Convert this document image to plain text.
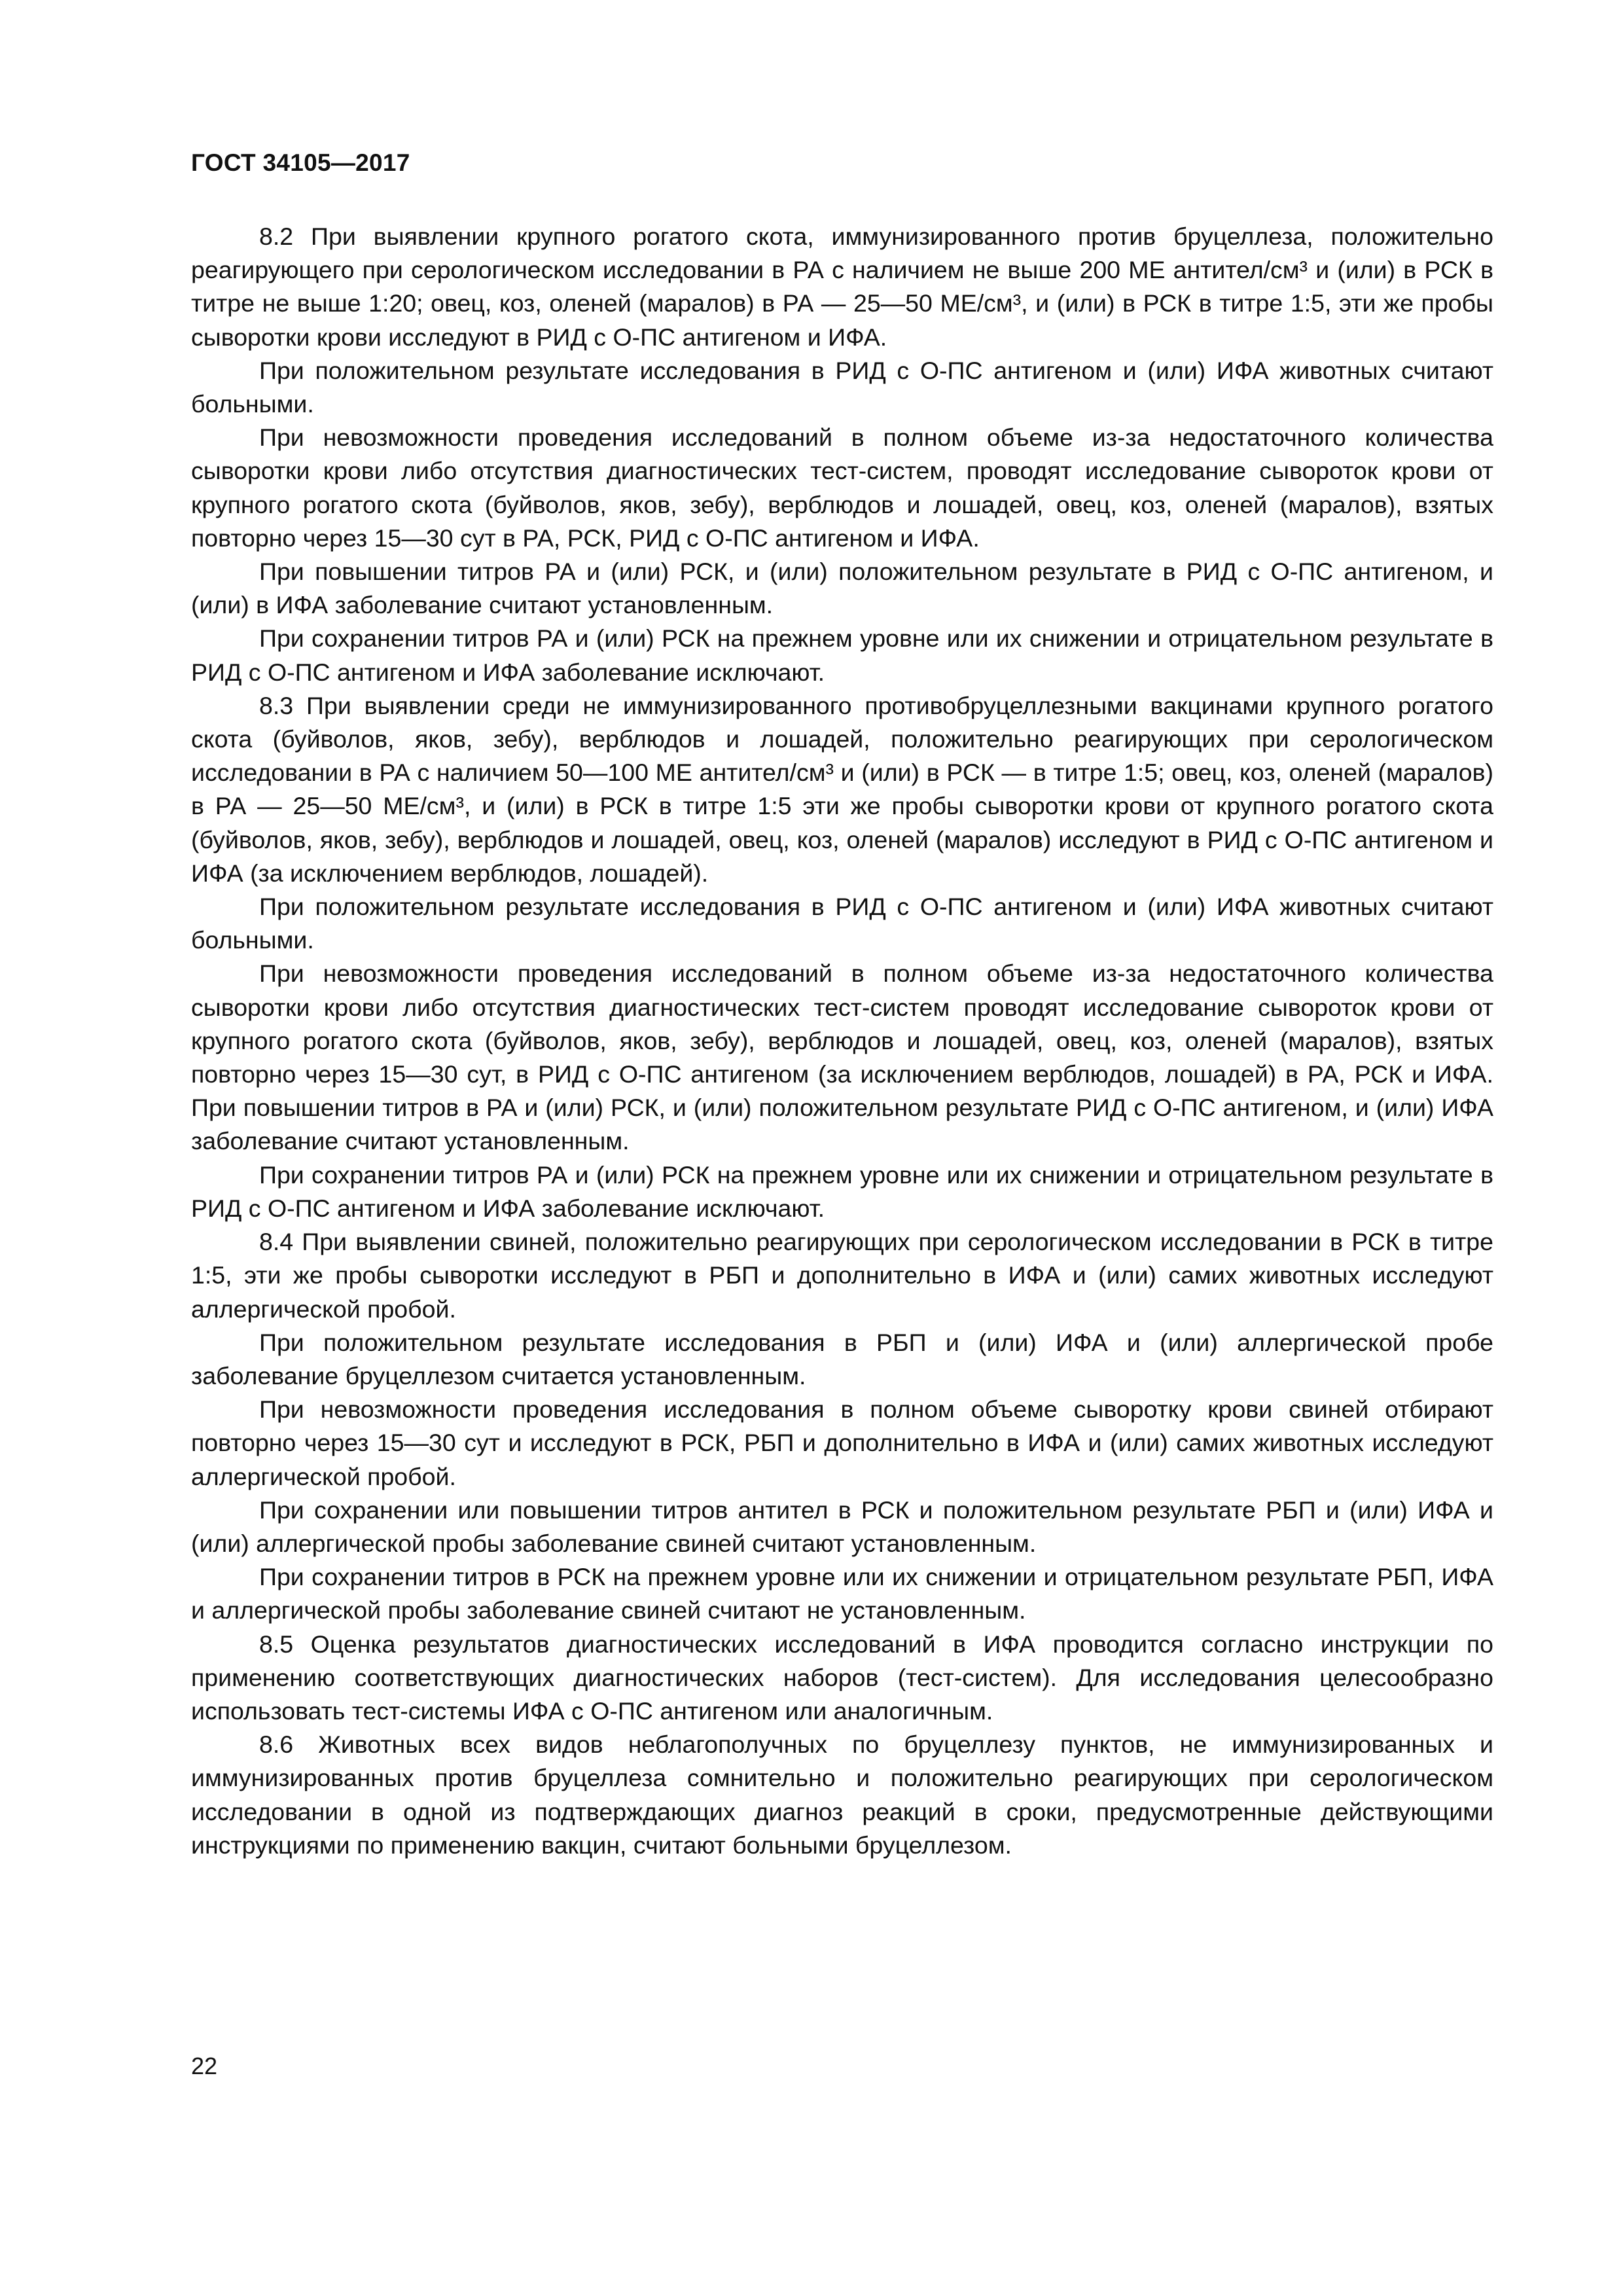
ГОСТ 34105—2017

8.2 При выявлении крупного рогатого скота, иммунизированного против бруцеллеза, положительно реагирующего при серологическом исследовании в РА с наличием не выше 200 МЕ антител/см³ и (или) в РСК в титре не выше 1:20; овец, коз, оленей (маралов) в РА — 25—50 МЕ/см³, и (или) в РСК в титре 1:5, эти же пробы сыворотки крови исследуют в РИД с О-ПС антигеном и ИФА.

При положительном результате исследования в РИД с О-ПС антигеном и (или) ИФА животных считают больными.

При невозможности проведения исследований в полном объеме из-за недостаточного количества сыворотки крови либо отсутствия диагностических тест-систем, проводят исследование сывороток крови от крупного рогатого скота (буйволов, яков, зебу), верблюдов и лошадей, овец, коз, оленей (маралов), взятых повторно через 15—30 сут в РА, РСК, РИД с О-ПС антигеном и ИФА.

При повышении титров РА и (или) РСК, и (или) положительном результате в РИД с О-ПС антигеном, и (или) в ИФА заболевание считают установленным.

При сохранении титров РА и (или) РСК на прежнем уровне или их снижении и отрицательном результате в РИД с О-ПС антигеном и ИФА заболевание исключают.

8.3 При выявлении среди не иммунизированного противобруцеллезными вакцинами крупного рогатого скота (буйволов, яков, зебу), верблюдов и лошадей, положительно реагирующих при серологическом исследовании в РА с наличием 50—100 МЕ антител/см³ и (или) в РСК — в титре 1:5; овец, коз, оленей (маралов) в РА — 25—50 МЕ/см³, и (или) в РСК в титре 1:5 эти же пробы сыворотки крови от крупного рогатого скота (буйволов, яков, зебу), верблюдов и лошадей, овец, коз, оленей (маралов) исследуют в РИД с О-ПС антигеном и ИФА (за исключением верблюдов, лошадей).

При положительном результате исследования в РИД с О-ПС антигеном и (или) ИФА животных считают больными.

При невозможности проведения исследований в полном объеме из-за недостаточного количества сыворотки крови либо отсутствия диагностических тест-систем проводят исследование сывороток крови от крупного рогатого скота (буйволов, яков, зебу), верблюдов и лошадей, овец, коз, оленей (маралов), взятых повторно через 15—30 сут, в РИД с О-ПС антигеном (за исключением верблюдов, лошадей) в РА, РСК и ИФА. При повышении титров в РА и (или) РСК, и (или) положительном результате РИД с О-ПС антигеном, и (или) ИФА заболевание считают установленным.

При сохранении титров РА и (или) РСК на прежнем уровне или их снижении и отрицательном результате в РИД с О-ПС антигеном и ИФА заболевание исключают.

8.4 При выявлении свиней, положительно реагирующих при серологическом исследовании в РСК в титре 1:5, эти же пробы сыворотки исследуют в РБП и дополнительно в ИФА и (или) самих животных исследуют аллергической пробой.

При положительном результате исследования в РБП и (или) ИФА и (или) аллергической пробе заболевание бруцеллезом считается установленным.

При невозможности проведения исследования в полном объеме сыворотку крови свиней отбирают повторно через 15—30 сут и исследуют в РСК, РБП и дополнительно в ИФА и (или) самих животных исследуют аллергической пробой.

При сохранении или повышении титров антител в РСК и положительном результате РБП и (или) ИФА и (или) аллергической пробы заболевание свиней считают установленным.

При сохранении титров в РСК на прежнем уровне или их снижении и отрицательном результате РБП, ИФА и аллергической пробы заболевание свиней считают не установленным.

8.5 Оценка результатов диагностических исследований в ИФА проводится согласно инструкции по применению соответствующих диагностических наборов (тест-систем). Для исследования целесообразно использовать тест-системы ИФА с О-ПС антигеном или аналогичным.

8.6 Животных всех видов неблагополучных по бруцеллезу пунктов, не иммунизированных и иммунизированных против бруцеллеза сомнительно и положительно реагирующих при серологическом исследовании в одной из подтверждающих диагноз реакций в сроки, предусмотренные действующими инструкциями по применению вакцин, считают больными бруцеллезом.

22
